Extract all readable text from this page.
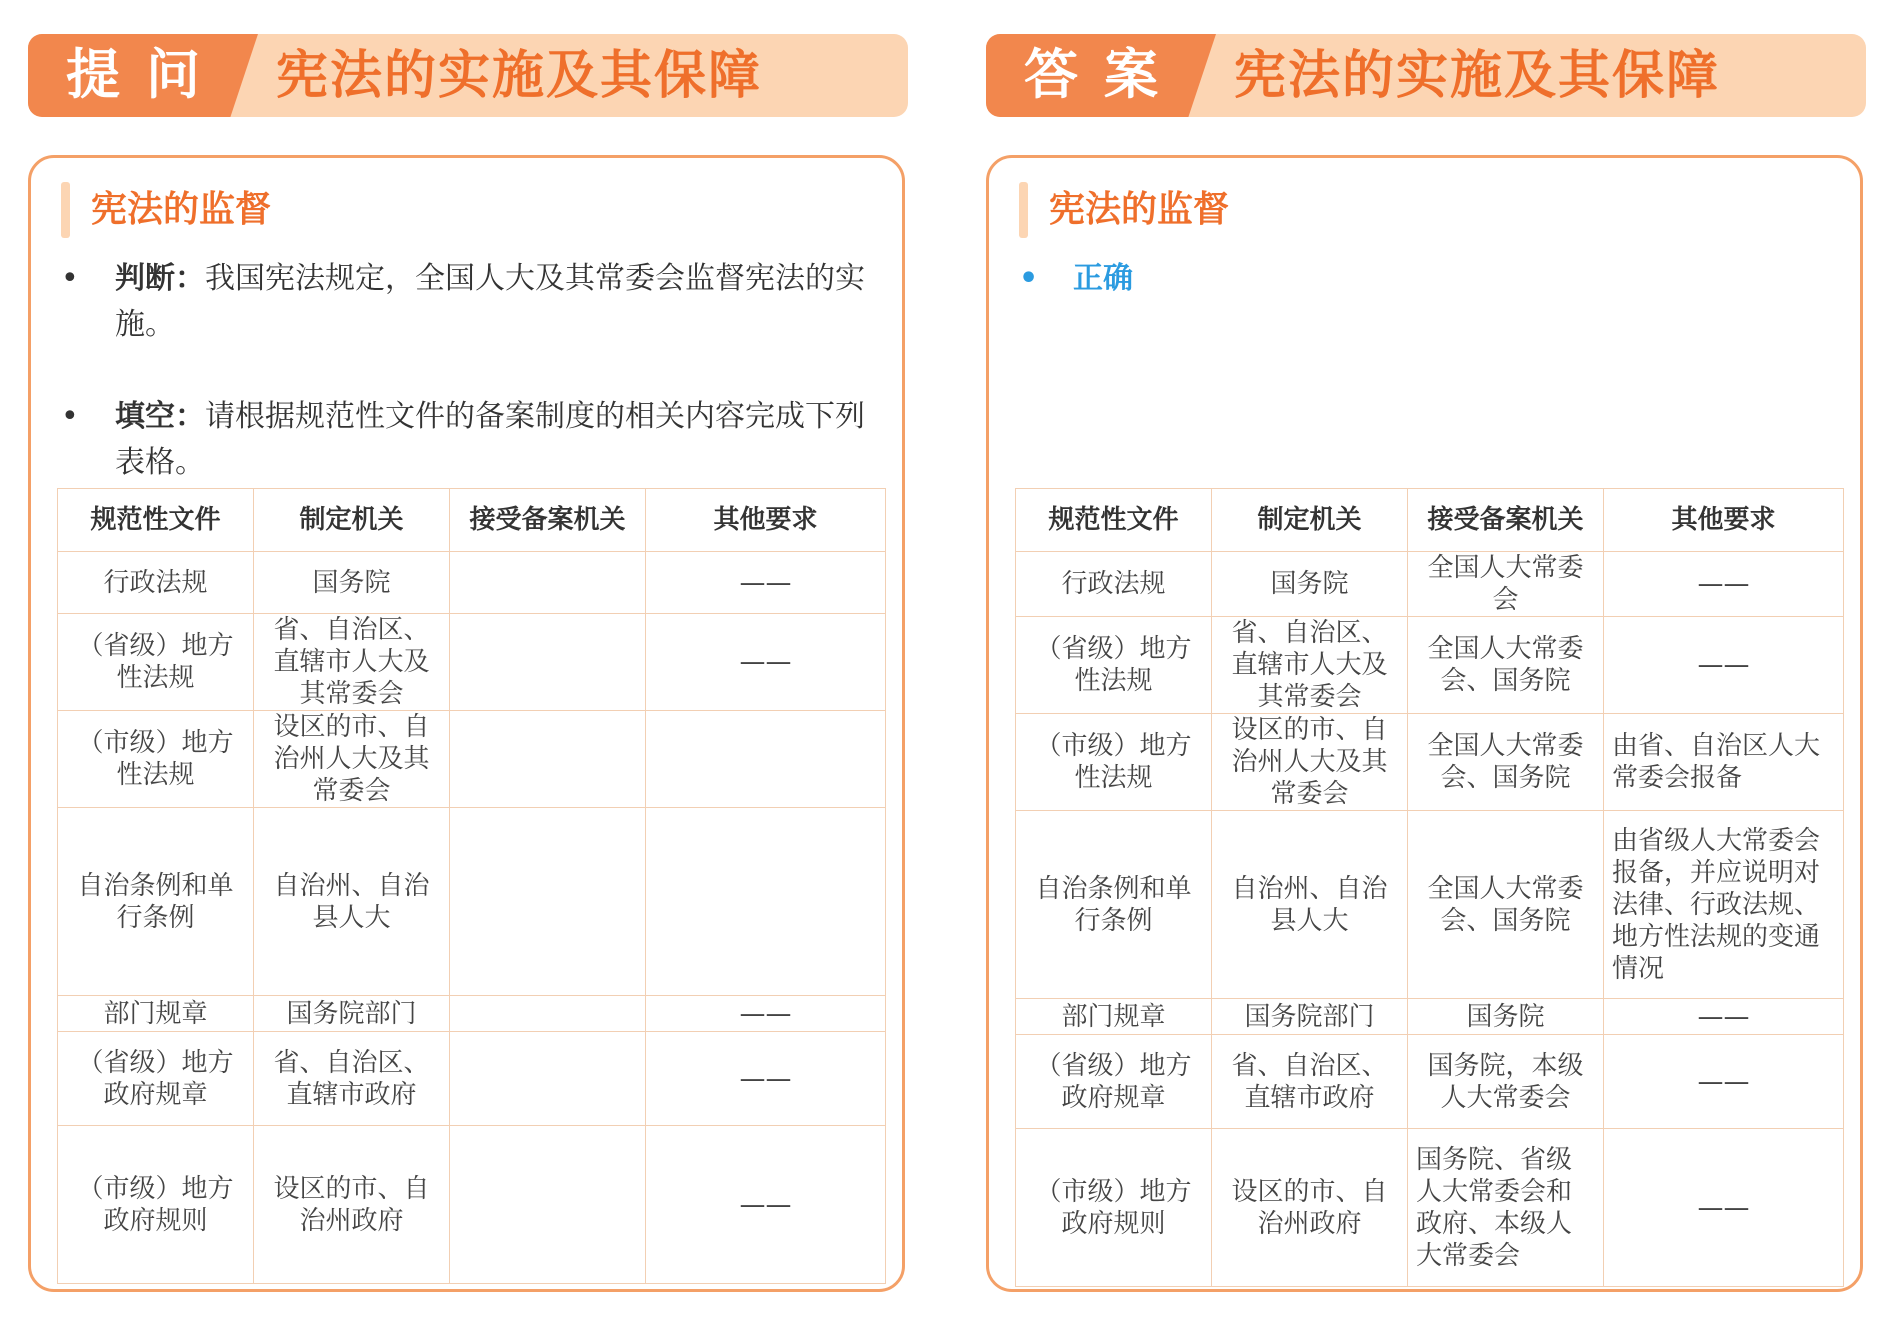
提问 宪法的实施及其保障
宪法的监督
•	判断：我国宪法规定，全国人大及其常委会监督宪法的实施。
•	填空：请根据规范性文件的备案制度的相关内容完成下列表格。
规范性文件	制定机关	接受备案机关	其他要求
行政法规	国务院		——
（省级）地方性法规	省、自治区、直辖市人大及其常委会		——
（市级）地方性法规	设区的市、自治州人大及其常委会		
自治条例和单行条例	自治州、自治县人大		
部门规章	国务院部门		——
（省级）地方政府规章	省、自治区、直辖市政府		——
（市级）地方政府规则	设区的市、自治州政府		——
答案 宪法的实施及其保障
宪法的监督
•	正确
规范性文件	制定机关	接受备案机关	其他要求
行政法规	国务院	全国人大常委会	——
（省级）地方性法规	省、自治区、直辖市人大及其常委会	全国人大常委会、国务院	——
（市级）地方性法规	设区的市、自治州人大及其常委会	全国人大常委会、国务院	由省、自治区人大常委会报备
自治条例和单行条例	自治州、自治县人大	全国人大常委会、国务院	由省级人大常委会报备，并应说明对法律、行政法规、地方性法规的变通情况
部门规章	国务院部门	国务院	——
（省级）地方政府规章	省、自治区、直辖市政府	国务院，本级人大常委会	——
（市级）地方政府规则	设区的市、自治州政府	国务院、省级人大常委会和政府、本级人大常委会	——
